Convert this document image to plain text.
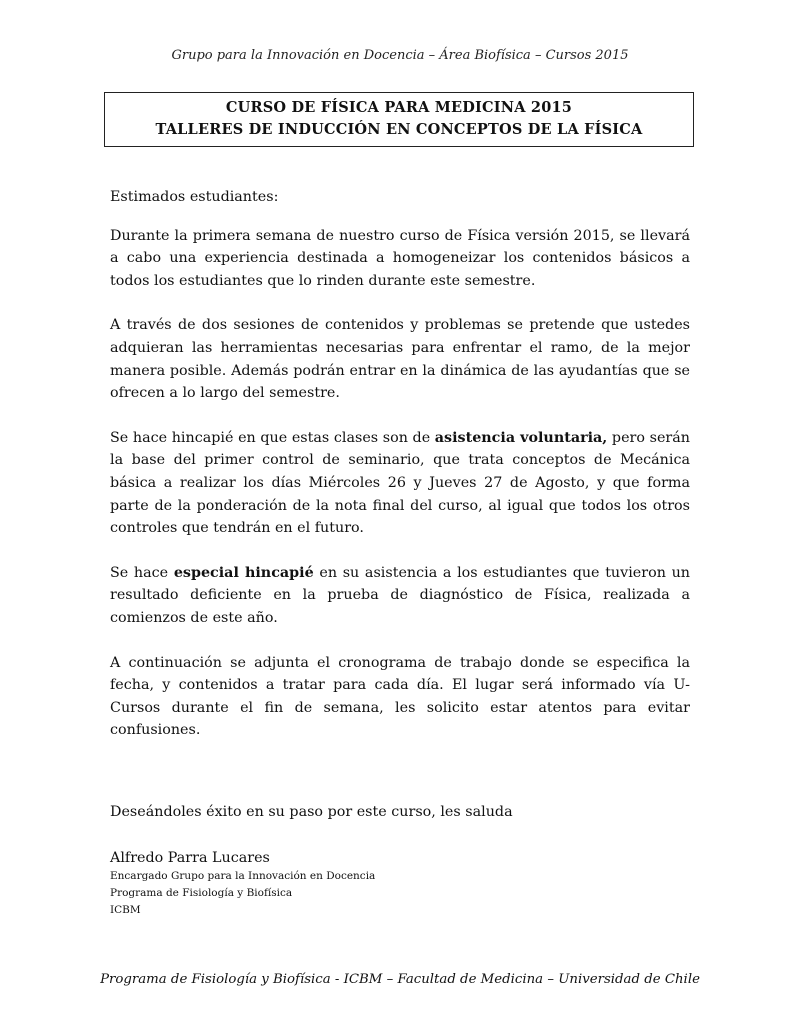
Grupo para la Innovación en Docencia – Área Biofísica – Cursos 2015
CURSO DE FÍSICA PARA MEDICINA 2015
TALLERES DE INDUCCIÓN EN CONCEPTOS DE LA FÍSICA

Estimados estudiantes:

Durante la primera semana de nuestro curso de Física versión 2015, se llevará a cabo una experiencia destinada a homogeneizar los contenidos básicos a todos los estudiantes que lo rinden durante este semestre.

A través de dos sesiones de contenidos y problemas se pretende que ustedes adquieran las herramientas necesarias para enfrentar el ramo, de la mejor manera posible. Además podrán entrar en la dinámica de las ayudantías que se ofrecen a lo largo del semestre.

Se hace hincapié en que estas clases son de asistencia voluntaria, pero serán la base del primer control de seminario, que trata conceptos de Mecánica básica a realizar los días Miércoles 26 y Jueves 27 de Agosto, y que forma parte de la ponderación de la nota final del curso, al igual que todos los otros controles que tendrán en el futuro.

Se hace especial hincapié en su asistencia a los estudiantes que tuvieron un resultado deficiente en la prueba de diagnóstico de Física, realizada a comienzos de este año.

A continuación se adjunta el cronograma de trabajo donde se especifica la fecha, y contenidos a tratar para cada día. El lugar será informado vía U-Cursos durante el fin de semana, les solicito estar atentos para evitar confusiones.

Deseándoles éxito en su paso por este curso, les saluda
Alfredo Parra Lucares
Encargado Grupo para la Innovación en Docencia
Programa de Fisiología y Biofísica
ICBM
Programa de Fisiología y Biofísica - ICBM – Facultad de Medicina – Universidad de Chile
